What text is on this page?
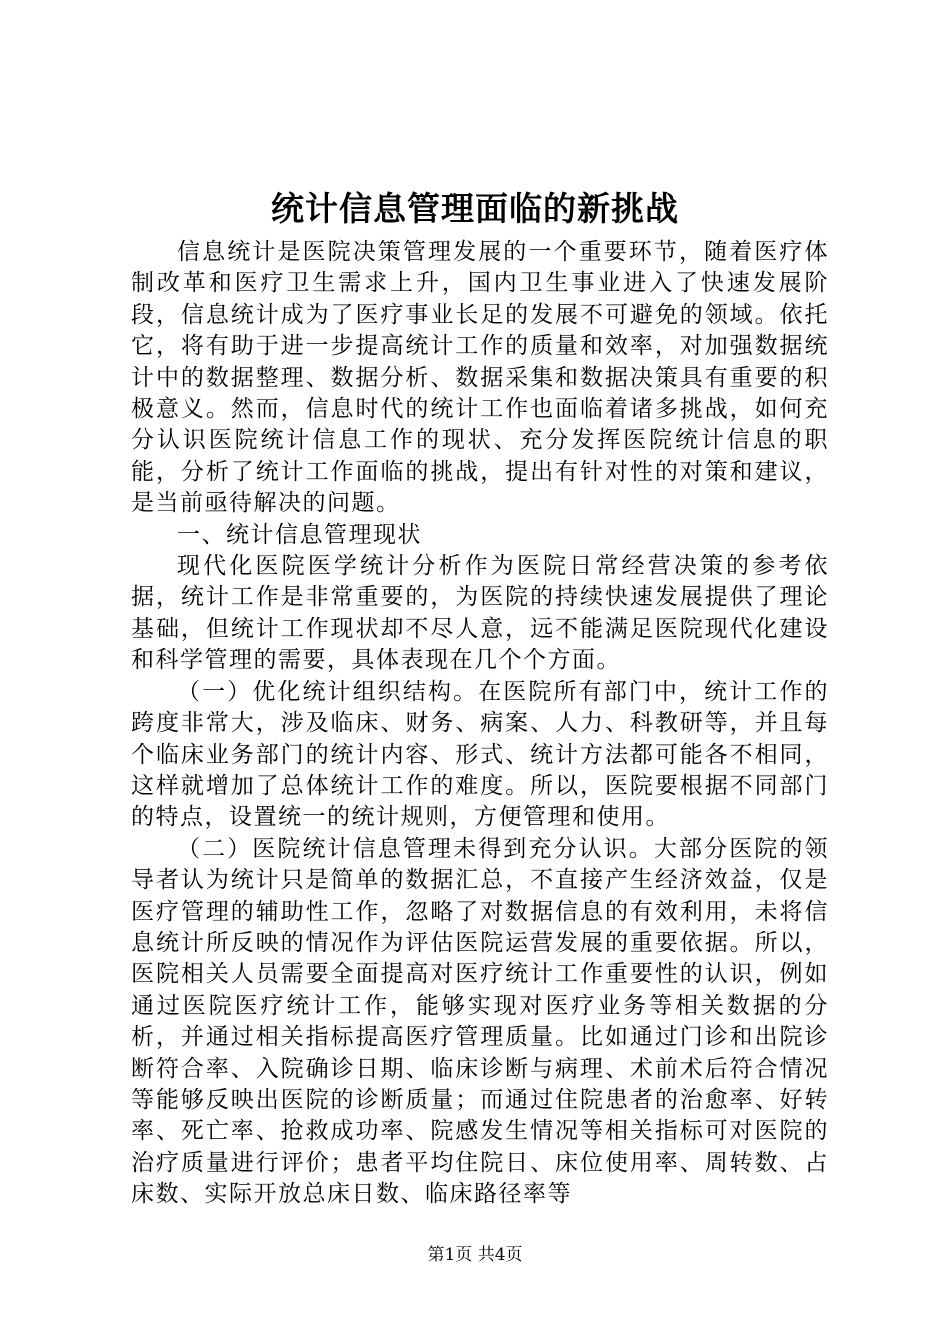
统计信息管理面临的新挑战

信息统计是医院决策管理发展的一个重要环节，随着医疗体制改革和医疗卫生需求上升，国内卫生事业进入了快速发展阶段，信息统计成为了医疗事业长足的发展不可避免的领域。依托它，将有助于进一步提高统计工作的质量和效率，对加强数据统计中的数据整理、数据分析、数据采集和数据决策具有重要的积极意义。然而，信息时代的统计工作也面临着诸多挑战，如何充分认识医院统计信息工作的现状、充分发挥医院统计信息的职能，分析了统计工作面临的挑战，提出有针对性的对策和建议，是当前亟待解决的问题。

一、统计信息管理现状

现代化医院医学统计分析作为医院日常经营决策的参考依据，统计工作是非常重要的，为医院的持续快速发展提供了理论基础，但统计工作现状却不尽人意，远不能满足医院现代化建设和科学管理的需要，具体表现在几个个方面。

（一）优化统计组织结构。在医院所有部门中，统计工作的跨度非常大，涉及临床、财务、病案、人力、科教研等，并且每个临床业务部门的统计内容、形式、统计方法都可能各不相同，这样就增加了总体统计工作的难度。所以，医院要根据不同部门的特点，设置统一的统计规则，方便管理和使用。

（二）医院统计信息管理未得到充分认识。大部分医院的领导者认为统计只是简单的数据汇总，不直接产生经济效益，仅是医疗管理的辅助性工作，忽略了对数据信息的有效利用，未将信息统计所反映的情况作为评估医院运营发展的重要依据。所以，医院相关人员需要全面提高对医疗统计工作重要性的认识，例如通过医院医疗统计工作，能够实现对医疗业务等相关数据的分析，并通过相关指标提高医疗管理质量。比如通过门诊和出院诊断符合率、入院确诊日期、临床诊断与病理、术前术后符合情况等能够反映出医院的诊断质量；而通过住院患者的治愈率、好转率、死亡率、抢救成功率、院感发生情况等相关指标可对医院的治疗质量进行评价；患者平均住院日、床位使用率、周转数、占床数、实际开放总床日数、临床路径率等

第1页 共4页
